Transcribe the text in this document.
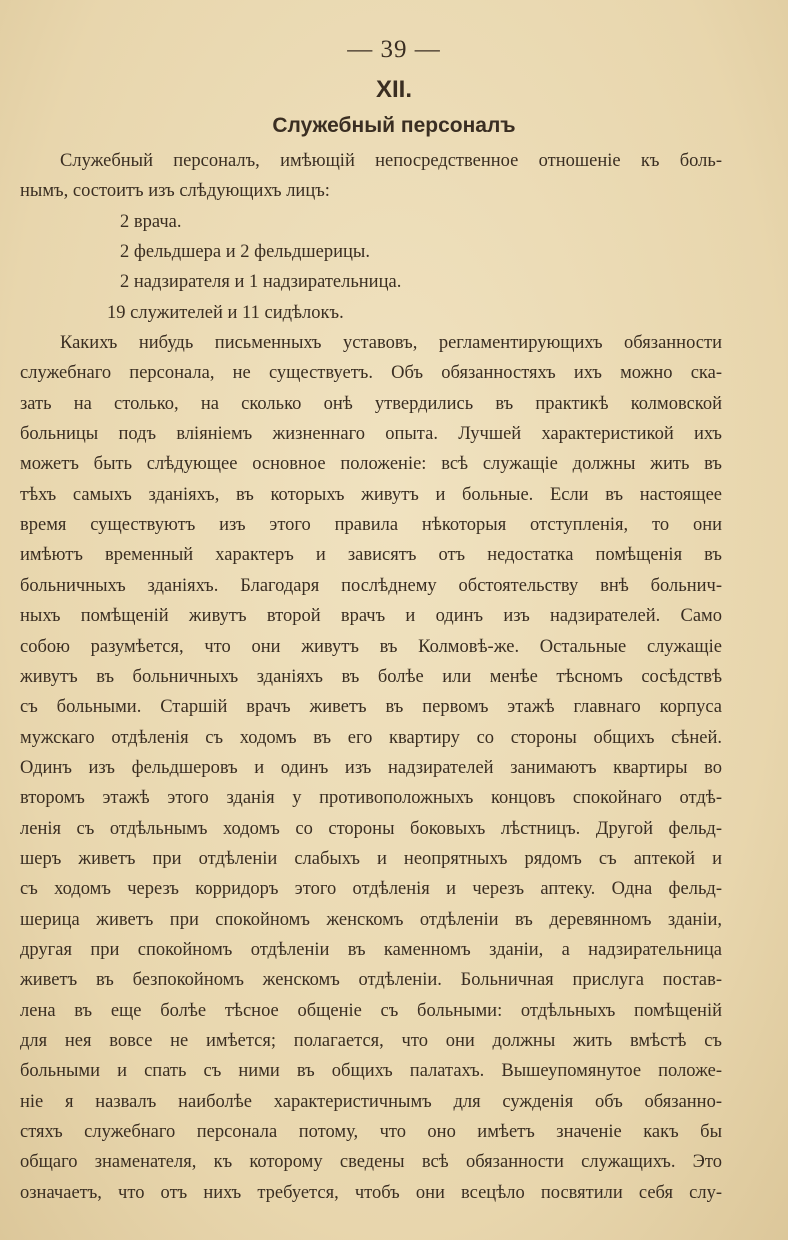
— 39 —
XII.
Служебный персоналъ
Служебный персоналъ, имѣющій непосредственное отношеніе къ боль-
нымъ, состоитъ изъ слѣдующихъ лицъ:
2 врача.
2 фельдшера и 2 фельдшерицы.
2 надзирателя и 1 надзирательница.
19 служителей и 11 сидѣлокъ.
Какихъ нибудь письменныхъ уставовъ, регламентирующихъ обязанности
служебнаго персонала, не существуетъ. Объ обязанностяхъ ихъ можно ска-
зать на столько, на сколько онѣ утвердились въ практикѣ колмовской
больницы подъ вліяніемъ жизненнаго опыта. Лучшей характеристикой ихъ
можетъ быть слѣдующее основное положеніе: всѣ служащіе должны жить въ
тѣхъ самыхъ зданіяхъ, въ которыхъ живутъ и больные. Если въ настоящее
время существуютъ изъ этого правила нѣкоторыя отступленія, то они
имѣютъ временный характеръ и зависятъ отъ недостатка помѣщенія въ
больничныхъ зданіяхъ. Благодаря послѣднему обстоятельству внѣ больнич-
ныхъ помѣщеній живутъ второй врачъ и одинъ изъ надзирателей. Само
собою разумѣется, что они живутъ въ Колмовѣ-же. Остальные служащіе
живутъ въ больничныхъ зданіяхъ въ болѣе или менѣе тѣсномъ сосѣдствѣ
съ больными. Старшій врачъ живетъ въ первомъ этажѣ главнаго корпуса
мужскаго отдѣленія съ ходомъ въ его квартиру со стороны общихъ сѣней.
Одинъ изъ фельдшеровъ и одинъ изъ надзирателей занимаютъ квартиры во
второмъ этажѣ этого зданія у противоположныхъ концовъ спокойнаго отдѣ-
ленія съ отдѣльнымъ ходомъ со стороны боковыхъ лѣстницъ. Другой фельд-
шеръ живетъ при отдѣленіи слабыхъ и неопрятныхъ рядомъ съ аптекой и
съ ходомъ черезъ корридоръ этого отдѣленія и черезъ аптеку. Одна фельд-
шерица живетъ при спокойномъ женскомъ отдѣленіи въ деревянномъ зданіи,
другая при спокойномъ отдѣленіи въ каменномъ зданіи, а надзирательница
живетъ въ безпокойномъ женскомъ отдѣленіи. Больничная прислуга постав-
лена въ еще болѣе тѣсное общеніе съ больными: отдѣльныхъ помѣщеній
для нея вовсе не имѣется; полагается, что они должны жить вмѣстѣ съ
больными и спать съ ними въ общихъ палатахъ. Вышеупомянутое положе-
ніе я назвалъ наиболѣе характеристичнымъ для сужденія объ обязанно-
стяхъ служебнаго персонала потому, что оно имѣетъ значеніе какъ бы
общаго знаменателя, къ которому сведены всѣ обязанности служащихъ. Это
означаетъ, что отъ нихъ требуется, чтобъ они всецѣло посвятили себя слу-
